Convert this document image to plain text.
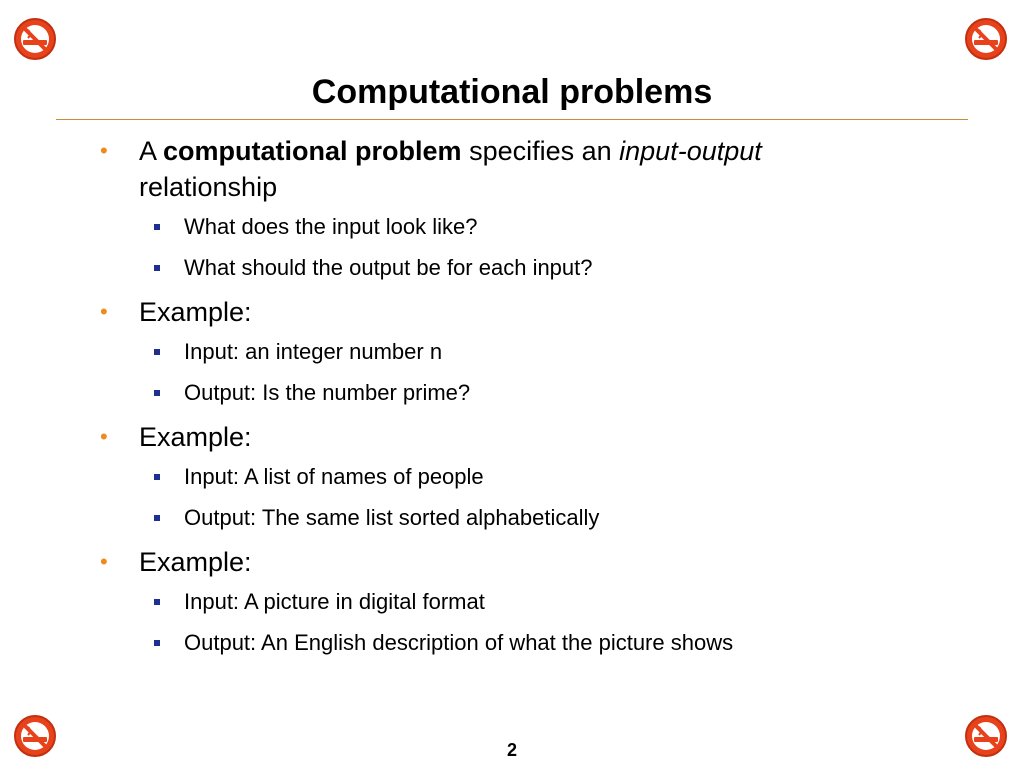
Computational problems
• A computational problem specifies an input-output
relationship
What does the input look like?
What should the output be for each input?
• Example:
Input: an integer number n
Output: Is the number prime?
• Example:
Input: A list of names of people
Output: The same list sorted alphabetically
• Example:
Input: A picture in digital format
Output: An English description of what the picture shows
2
